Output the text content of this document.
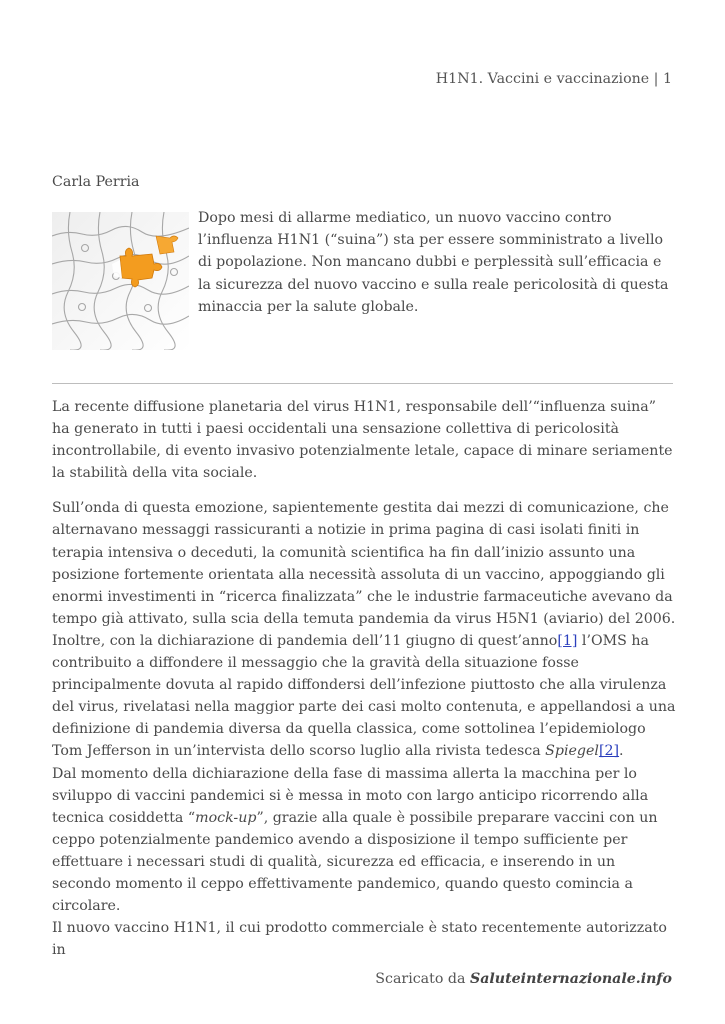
H1N1. Vaccini e vaccinazione | 1
Carla Perria

Dopo mesi di allarme mediatico, un nuovo vaccino contro l’influenza H1N1 (“suina”) sta per essere somministrato a livello di popolazione. Non mancano dubbi e perplessità sull’efficacia e la sicurezza del nuovo vaccino e sulla reale pericolosità di questa minaccia per la salute globale.

La recente diffusione planetaria del virus H1N1, responsabile dell’“influenza suina” ha generato in tutti i paesi occidentali una sensazione collettiva di pericolosità incontrollabile, di evento invasivo potenzialmente letale, capace di minare seriamente la stabilità della vita sociale.

Sull’onda di questa emozione, sapientemente gestita dai mezzi di comunicazione, che alternavano messaggi rassicuranti a notizie in prima pagina di casi isolati finiti in terapia intensiva o deceduti, la comunità scientifica ha fin dall’inizio assunto una posizione fortemente orientata alla necessità assoluta di un vaccino, appoggiando gli enormi investimenti in “ricerca finalizzata” che le industrie farmaceutiche avevano da tempo già attivato, sulla scia della temuta pandemia da virus H5N1 (aviario) del 2006.

Inoltre, con la dichiarazione di pandemia dell’11 giugno di quest’anno[1] l’OMS ha contribuito a diffondere il messaggio che la gravità della situazione fosse principalmente dovuta al rapido diffondersi dell’infezione piuttosto che alla virulenza del virus, rivelatasi nella maggior parte dei casi molto contenuta, e appellandosi a una definizione di pandemia diversa da quella classica, come sottolinea l’epidemiologo Tom Jefferson in un’intervista dello scorso luglio alla rivista tedesca Spiegel[2].

Dal momento della dichiarazione della fase di massima allerta la macchina per lo sviluppo di vaccini pandemici si è messa in moto con largo anticipo ricorrendo alla tecnica cosiddetta “mock-up”, grazie alla quale è possibile preparare vaccini con un ceppo potenzialmente pandemico avendo a disposizione il tempo sufficiente per effettuare i necessari studi di qualità, sicurezza ed efficacia, e inserendo in un secondo momento il ceppo effettivamente pandemico, quando questo comincia a circolare.

Il nuovo vaccino H1N1, il cui prodotto commerciale è stato recentemente autorizzato in

Scaricato da Saluteinternazionale.info
